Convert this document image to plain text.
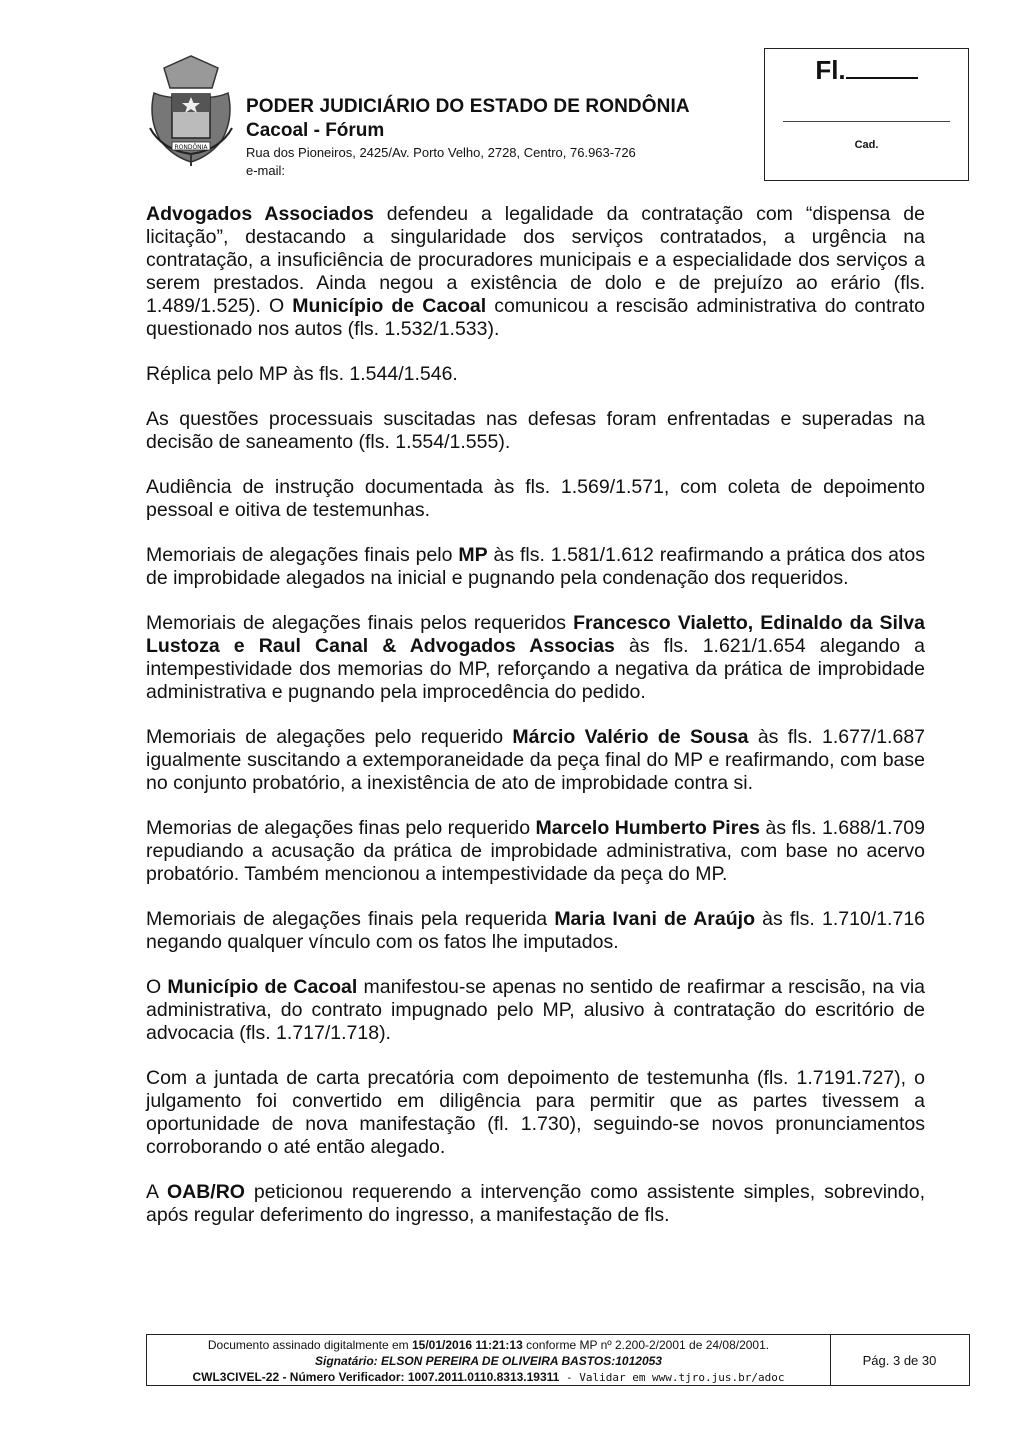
RONDÔNIA
PODER JUDICIÁRIO DO ESTADO DE RONDÔNIA
Cacoal - Fórum
Rua dos Pioneiros, 2425/Av. Porto Velho, 2728, Centro, 76.963-726
e-mail:
Fl.
Cad.

Advogados Associados defendeu a legalidade da contratação com “dispensa de licitação”, destacando a singularidade dos serviços contratados, a urgência na contratação, a insuficiência de procuradores municipais e a especialidade dos serviços a serem prestados. Ainda negou a existência de dolo e de prejuízo ao erário (fls. 1.489/1.525). O Município de Cacoal comunicou a rescisão administrativa do contrato questionado nos autos (fls. 1.532/1.533).

Réplica pelo MP às fls. 1.544/1.546.

As questões processuais suscitadas nas defesas foram enfrentadas e superadas na decisão de saneamento (fls. 1.554/1.555).

Audiência de instrução documentada às fls. 1.569/1.571, com coleta de depoimento pessoal e oitiva de testemunhas.

Memoriais de alegações finais pelo MP às fls. 1.581/1.612 reafirmando a prática dos atos de improbidade alegados na inicial e pugnando pela condenação dos requeridos.

Memoriais de alegações finais pelos requeridos Francesco Vialetto, Edinaldo da Silva Lustoza e Raul Canal & Advogados Associas às fls. 1.621/1.654 alegando a intempestividade dos memorias do MP, reforçando a negativa da prática de improbidade administrativa e pugnando pela improcedência do pedido.

Memoriais de alegações pelo requerido Márcio Valério de Sousa às fls. 1.677/1.687 igualmente suscitando a extemporaneidade da peça final do MP e reafirmando, com base no conjunto probatório, a inexistência de ato de improbidade contra si.

Memorias de alegações finas pelo requerido Marcelo Humberto Pires às fls. 1.688/1.709 repudiando a acusação da prática de improbidade administrativa, com base no acervo probatório. Também mencionou a intempestividade da peça do MP.

Memoriais de alegações finais pela requerida Maria Ivani de Araújo às fls. 1.710/1.716 negando qualquer vínculo com os fatos lhe imputados.

O Município de Cacoal manifestou-se apenas no sentido de reafirmar a rescisão, na via administrativa, do contrato impugnado pelo MP, alusivo à contratação do escritório de advocacia (fls. 1.717/1.718).

Com a juntada de carta precatória com depoimento de testemunha (fls. 1.7191.727), o julgamento foi convertido em diligência para permitir que as partes tivessem a oportunidade de nova manifestação (fl. 1.730), seguindo-se novos pronunciamentos corroborando o até então alegado.

A OAB/RO peticionou requerendo a intervenção como assistente simples, sobrevindo, após regular deferimento do ingresso, a manifestação de fls.

Documento assinado digitalmente em 15/01/2016 11:21:13 conforme MP nº 2.200-2/2001 de 24/08/2001.
Signatário: ELSON PEREIRA DE OLIVEIRA BASTOS:1012053
CWL3CIVEL-22 - Número Verificador: 1007.2011.0110.8313.19311 - Validar em www.tjro.jus.br/adoc
Pág. 3 de 30
